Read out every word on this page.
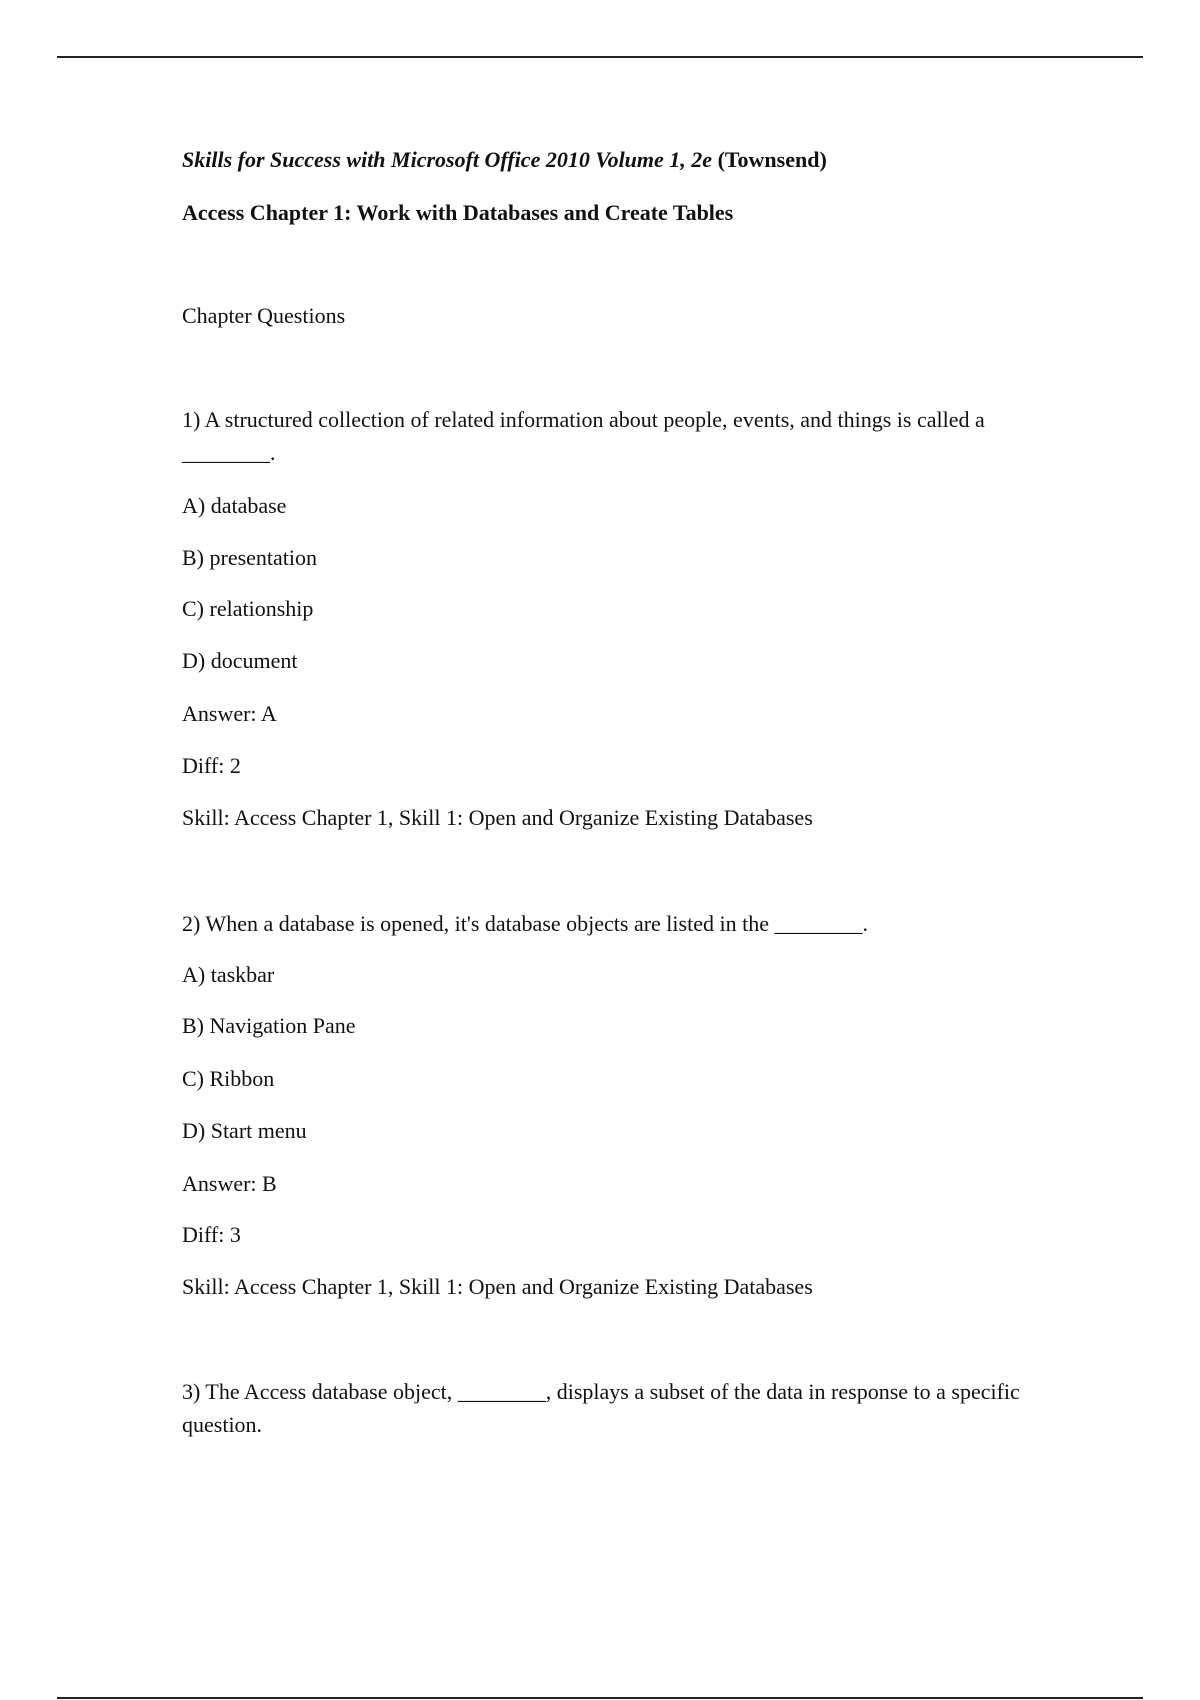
Skills for Success with Microsoft Office 2010 Volume 1, 2e (Townsend)
Access Chapter 1: Work with Databases and Create Tables
Chapter Questions
1) A structured collection of related information about people, events, and things is called a ________.
A) database
B) presentation
C) relationship
D) document
Answer: A
Diff: 2
Skill: Access Chapter 1, Skill 1: Open and Organize Existing Databases
2) When a database is opened, it's database objects are listed in the ________.
A) taskbar
B) Navigation Pane
C) Ribbon
D) Start menu
Answer: B
Diff: 3
Skill: Access Chapter 1, Skill 1: Open and Organize Existing Databases
3) The Access database object, ________, displays a subset of the data in response to a specific question.
